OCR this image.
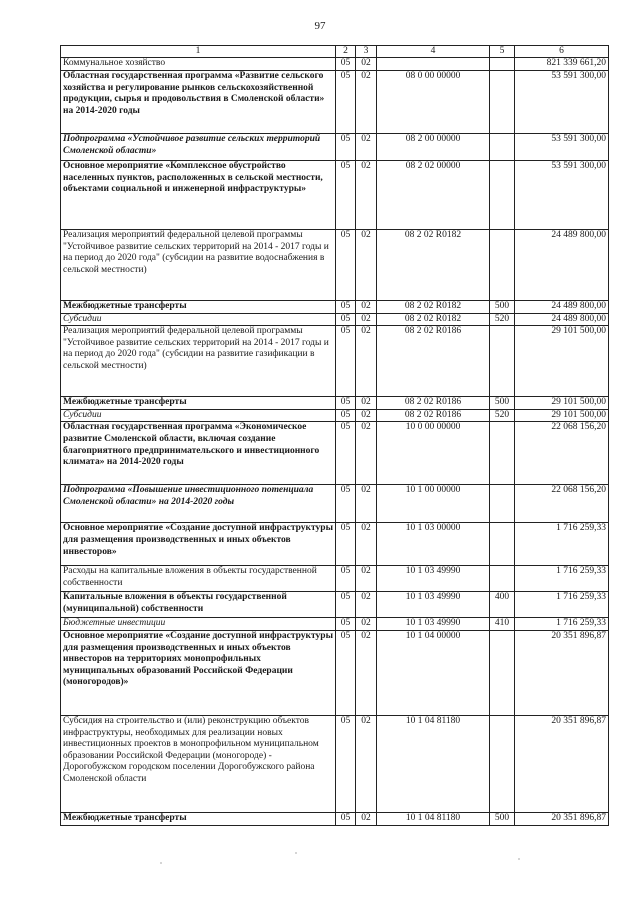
97
1	2	3	4	5	6
Коммунальное хозяйство	05	02			821 339 661,20
Областная государственная программа «Развитие сельского хозяйства и регулирование рынков сельскохозяйственной продукции, сырья и продовольствия в Смоленской области» на 2014-2020 годы	05	02	08 0 00 00000		53 591 300,00
Подпрограмма «Устойчивое развитие сельских территорий Смоленской области»	05	02	08 2 00 00000		53 591 300,00
Основное мероприятие «Комплексное обустройство населенных пунктов, расположенных в сельской местности, объектами социальной и инженерной инфраструктуры»	05	02	08 2 02 00000		53 591 300,00
Реализация мероприятий федеральной целевой программы "Устойчивое развитие сельских территорий на 2014 - 2017 годы и на период до 2020 года" (субсидии на развитие водоснабжения в сельской местности)	05	02	08 2 02 R0182		24 489 800,00
Межбюджетные трансферты	05	02	08 2 02 R0182	500	24 489 800,00
Субсидии	05	02	08 2 02 R0182	520	24 489 800,00
Реализация мероприятий федеральной целевой программы "Устойчивое развитие сельских территорий на 2014 - 2017 годы и на период до 2020 года" (субсидии на развитие газификации в сельской местности)	05	02	08 2 02 R0186		29 101 500,00
Межбюджетные трансферты	05	02	08 2 02 R0186	500	29 101 500,00
Субсидии	05	02	08 2 02 R0186	520	29 101 500,00
Областная государственная программа «Экономическое развитие Смоленской области, включая создание благоприятного предпринимательского и инвестиционного климата» на 2014-2020 годы	05	02	10 0 00 00000		22 068 156,20
Подпрограмма «Повышение инвестиционного потенциала Смоленской области» на 2014-2020 годы	05	02	10 1 00 00000		22 068 156,20
Основное мероприятие «Создание доступной инфраструктуры для размещения производственных и иных объектов инвесторов»	05	02	10 1 03 00000		1 716 259,33
Расходы на капитальные вложения в объекты государственной собственности	05	02	10 1 03 49990		1 716 259,33
Капитальные вложения в объекты государственной (муниципальной) собственности	05	02	10 1 03 49990	400	1 716 259,33
Бюджетные инвестиции	05	02	10 1 03 49990	410	1 716 259,33
Основное мероприятие «Создание доступной инфраструктуры для размещения производственных и иных объектов инвесторов на территориях монопрофильных муниципальных образований Российской Федерации (моногородов)»	05	02	10 1 04 00000		20 351 896,87
Субсидия на строительство и (или) реконструкцию объектов инфраструктуры, необходимых для реализации новых инвестиционных проектов в монопрофильном муниципальном образовании Российской Федерации (моногороде) - Дорогобужском городском поселении Дорогобужского района Смоленской области	05	02	10 1 04 81180		20 351 896,87
Межбюджетные трансферты	05	02	10 1 04 81180	500	20 351 896,87
